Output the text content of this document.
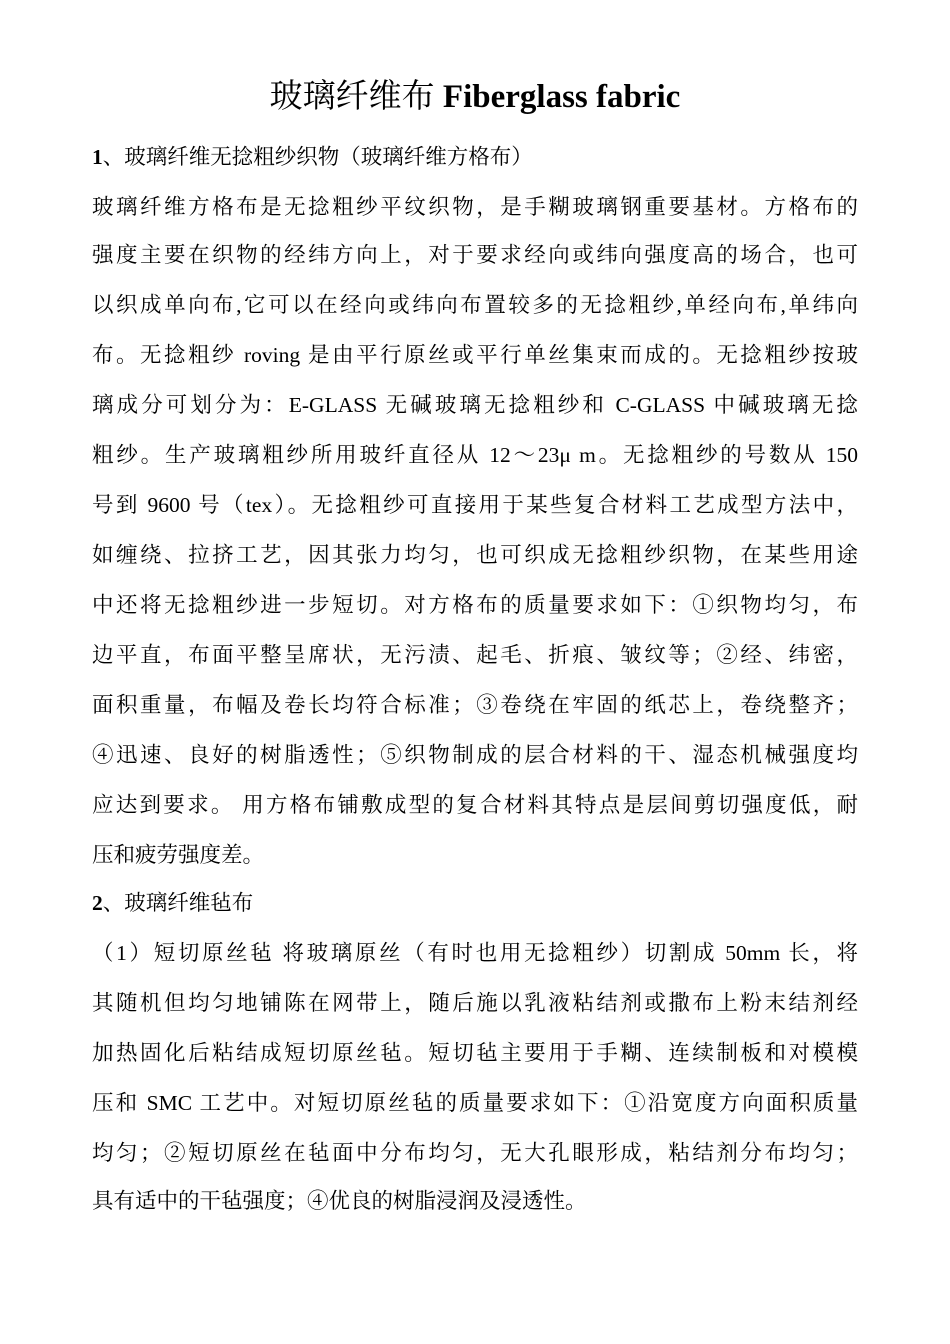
玻璃纤维布 Fiberglass fabric

1、玻璃纤维无捻粗纱织物（玻璃纤维方格布）

玻璃纤维方格布是无捻粗纱平纹织物，是手糊玻璃钢重要基材。方格布的

强度主要在织物的经纬方向上，对于要求经向或纬向强度高的场合，也可

以织成单向布,它可以在经向或纬向布置较多的无捻粗纱,单经向布,单纬向

布。无捻粗纱 roving 是由平行原丝或平行单丝集束而成的。无捻粗纱按玻

璃成分可划分为：E-GLASS 无碱玻璃无捻粗纱和 C-GLASS 中碱玻璃无捻

粗纱。生产玻璃粗纱所用玻纤直径从 12～23μ m。无捻粗纱的号数从 150

号到 9600 号（tex）。无捻粗纱可直接用于某些复合材料工艺成型方法中，

如缠绕、拉挤工艺，因其张力均匀，也可织成无捻粗纱织物，在某些用途

中还将无捻粗纱进一步短切。对方格布的质量要求如下：①织物均匀，布

边平直，布面平整呈席状，无污渍、起毛、折痕、皱纹等；②经、纬密，

面积重量，布幅及卷长均符合标准；③卷绕在牢固的纸芯上，卷绕整齐；

④迅速、良好的树脂透性；⑤织物制成的层合材料的干、湿态机械强度均

应达到要求。 用方格布铺敷成型的复合材料其特点是层间剪切强度低，耐

压和疲劳强度差。

2、玻璃纤维毡布

（1）短切原丝毡 将玻璃原丝（有时也用无捻粗纱）切割成 50mm 长，将

其随机但均匀地铺陈在网带上，随后施以乳液粘结剂或撒布上粉末结剂经

加热固化后粘结成短切原丝毡。短切毡主要用于手糊、连续制板和对模模

压和 SMC 工艺中。对短切原丝毡的质量要求如下：①沿宽度方向面积质量

均匀；②短切原丝在毡面中分布均匀，无大孔眼形成，粘结剂分布均匀；

具有适中的干毡强度；④优良的树脂浸润及浸透性。
